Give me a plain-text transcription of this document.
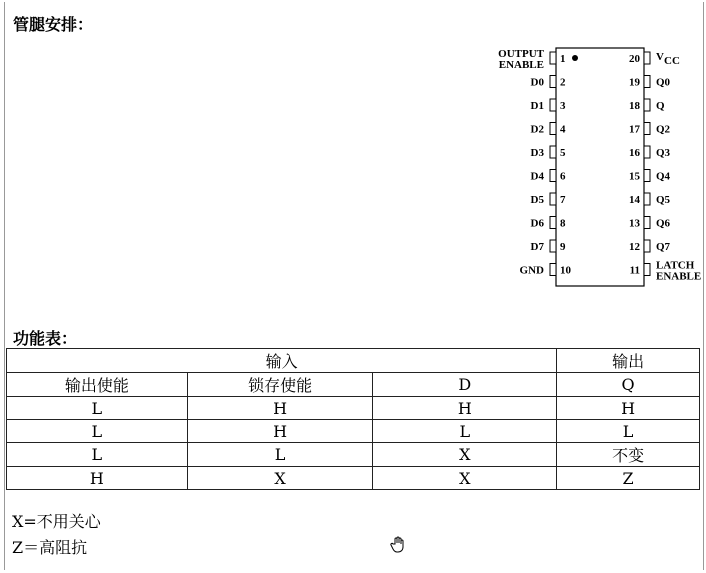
管腿安排：
1
OUTPUT
ENABLE
2
D0
3
D1
4
D2
5
D3
6
D4
7
D5
8
D6
9
D7
10
GND
20 V CC
19 Q0
18 Q
17 Q2
16 Q3
15 Q4
14 Q5
13 Q6
12 Q7
11 LATCH
ENABLE
功能表：
输入			输出
输出使能	锁存使能	D	Q
L	H	H	H
L	H	L	L
L	L	X	不变
H	X	X	Z
X=不用关心
Z＝高阻抗
